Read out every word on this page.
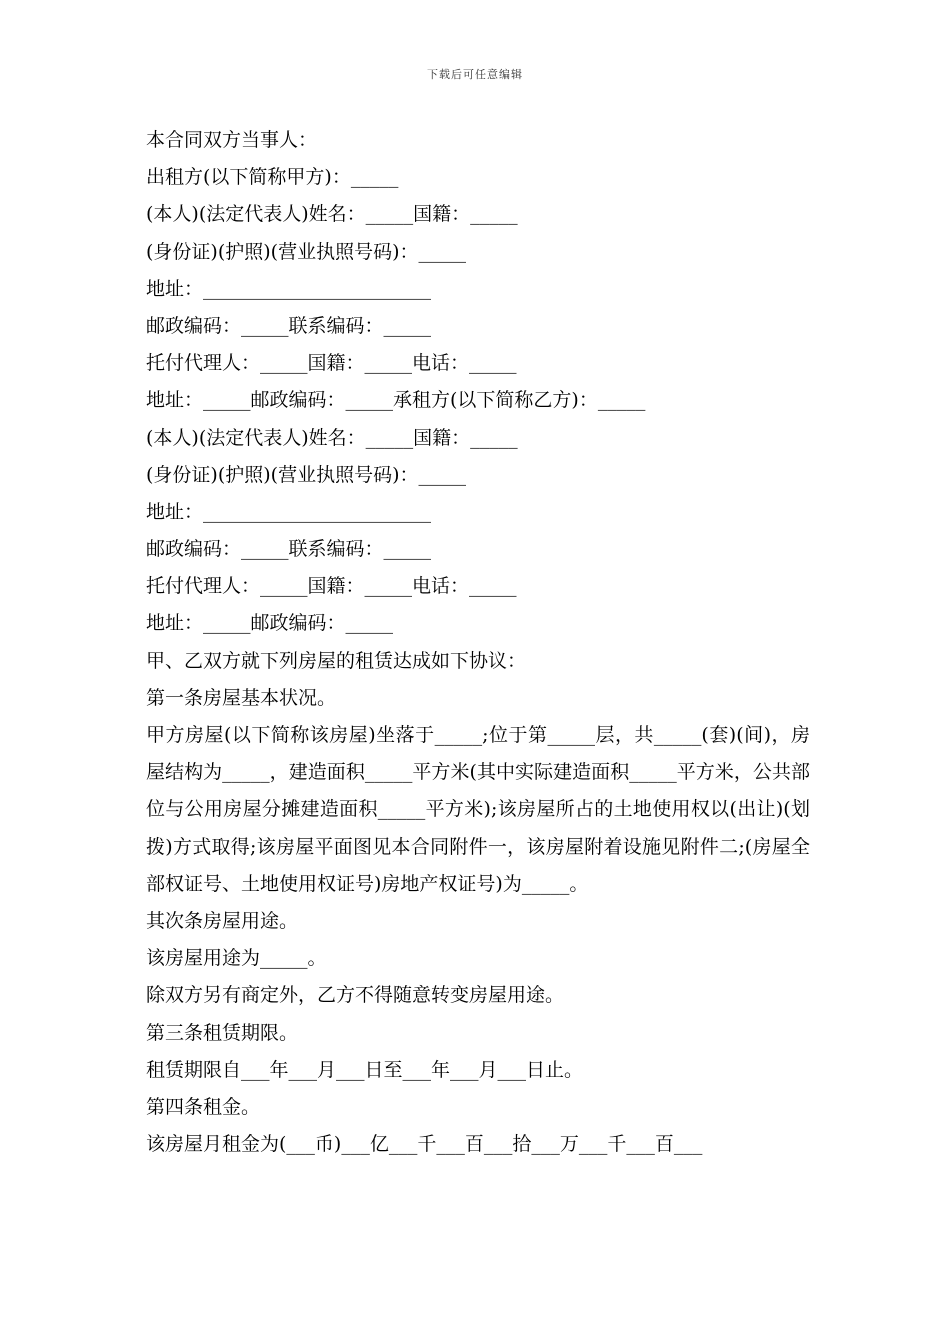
下载后可任意编辑
本合同双方当事人：
出租方(以下简称甲方)：_____
(本人)(法定代表人)姓名：_____国籍：_____
(身份证)(护照)(营业执照号码)：_____
地址：________________________
邮政编码：_____联系编码：_____
托付代理人：_____国籍：_____电话：_____
地址：_____邮政编码：_____承租方(以下简称乙方)：_____
(本人)(法定代表人)姓名：_____国籍：_____
(身份证)(护照)(营业执照号码)：_____
地址：________________________
邮政编码：_____联系编码：_____
托付代理人：_____国籍：_____电话：_____
地址：_____邮政编码：_____
甲、乙双方就下列房屋的租赁达成如下协议：
第一条房屋基本状况。
甲方房屋(以下简称该房屋)坐落于_____;位于第_____层，共_____(套)(间)，房屋结构为_____，建造面积_____平方米(其中实际建造面积_____平方米，公共部位与公用房屋分摊建造面积_____平方米);该房屋所占的土地使用权以(出让)(划拨)方式取得;该房屋平面图见本合同附件一，该房屋附着设施见附件二;(房屋全部权证号、土地使用权证号)房地产权证号)为_____。
其次条房屋用途。
该房屋用途为_____。
除双方另有商定外，乙方不得随意转变房屋用途。
第三条租赁期限。
租赁期限自___年___月___日至___年___月___日止。
第四条租金。
该房屋月租金为(___币)___亿___千___百___拾___万___千___百___
